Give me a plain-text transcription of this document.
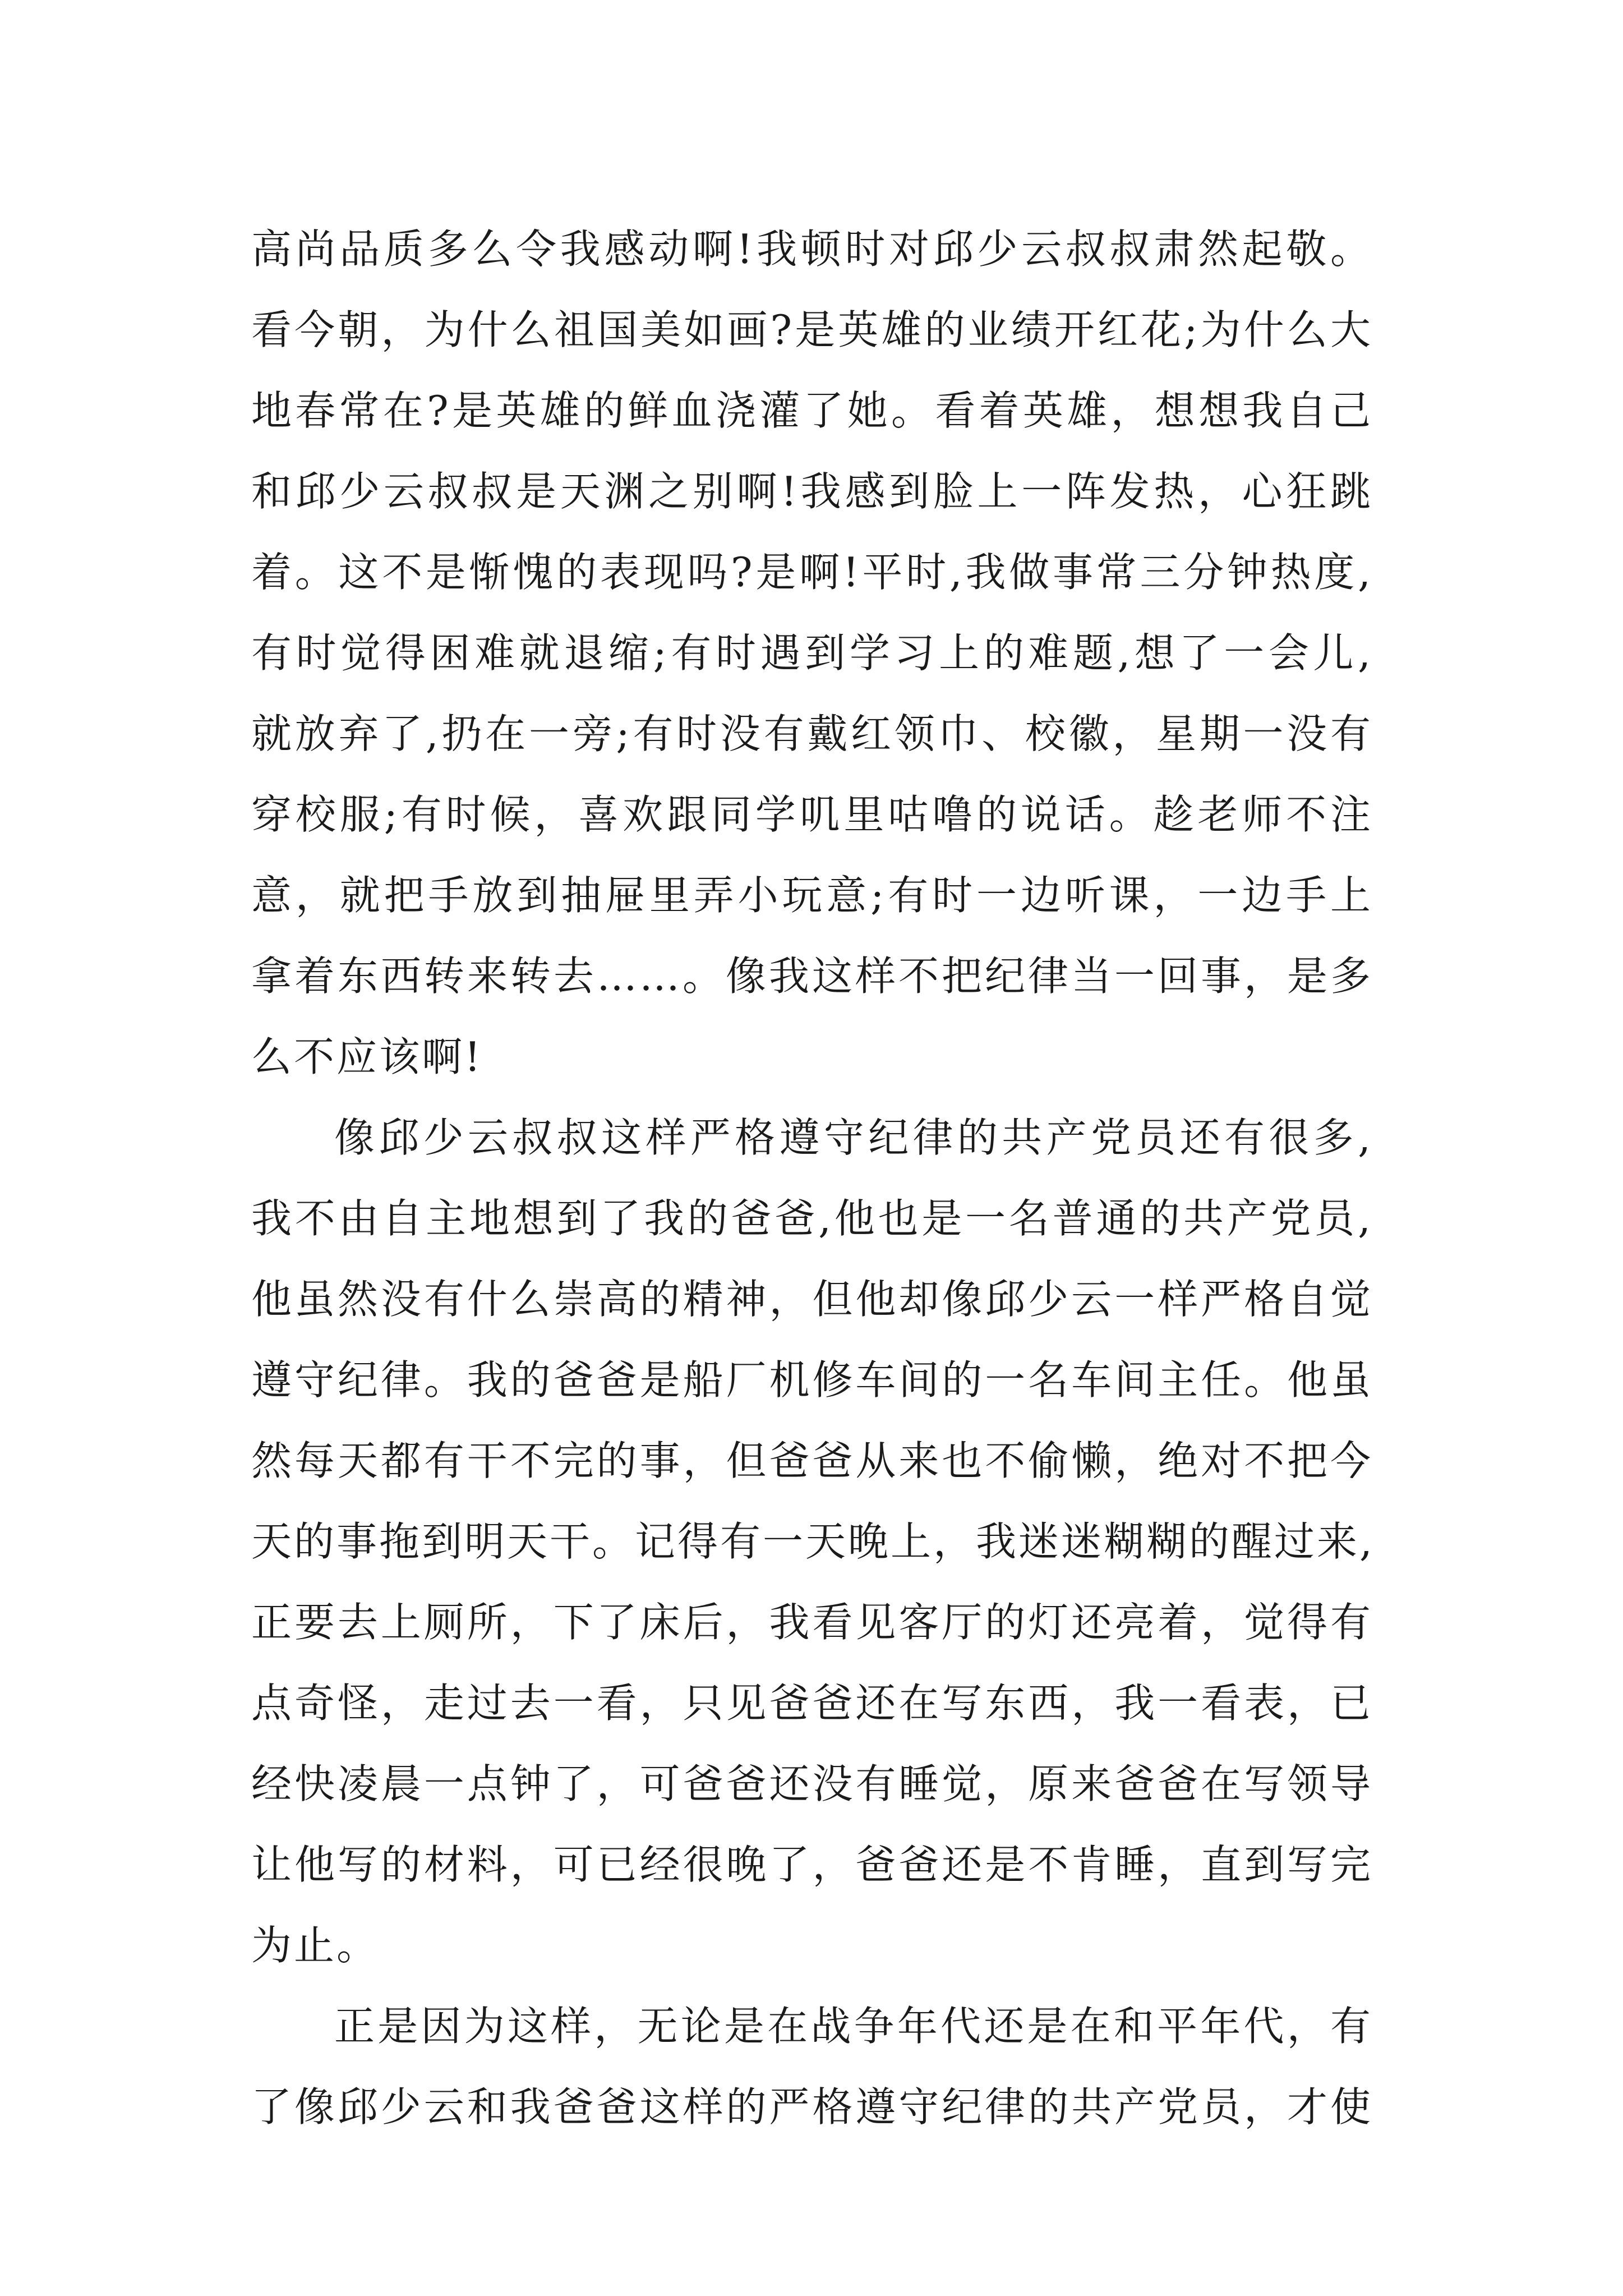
高尚品质多么令我感动啊!我顿时对邱少云叔叔肃然起敬。
看今朝，为什么祖国美如画?是英雄的业绩开红花;为什么大
地春常在?是英雄的鲜血浇灌了她。看着英雄，想想我自己
和邱少云叔叔是天渊之别啊!我感到脸上一阵发热，心狂跳
着。这不是惭愧的表现吗?是啊!平时,我做事常三分钟热度,
有时觉得困难就退缩;有时遇到学习上的难题,想了一会儿,
就放弃了,扔在一旁;有时没有戴红领巾、校徽，星期一没有
穿校服;有时候，喜欢跟同学叽里咕噜的说话。趁老师不注
意，就把手放到抽屉里弄小玩意;有时一边听课，一边手上
拿着东西转来转去……。像我这样不把纪律当一回事，是多
么不应该啊!
像邱少云叔叔这样严格遵守纪律的共产党员还有很多,
我不由自主地想到了我的爸爸,他也是一名普通的共产党员,
他虽然没有什么崇高的精神，但他却像邱少云一样严格自觉
遵守纪律。我的爸爸是船厂机修车间的一名车间主任。他虽
然每天都有干不完的事，但爸爸从来也不偷懒，绝对不把今
天的事拖到明天干。记得有一天晚上，我迷迷糊糊的醒过来,
正要去上厕所，下了床后，我看见客厅的灯还亮着，觉得有
点奇怪，走过去一看，只见爸爸还在写东西，我一看表，已
经快凌晨一点钟了，可爸爸还没有睡觉，原来爸爸在写领导
让他写的材料，可已经很晚了，爸爸还是不肯睡，直到写完
为止。
正是因为这样，无论是在战争年代还是在和平年代，有
了像邱少云和我爸爸这样的严格遵守纪律的共产党员，才使
